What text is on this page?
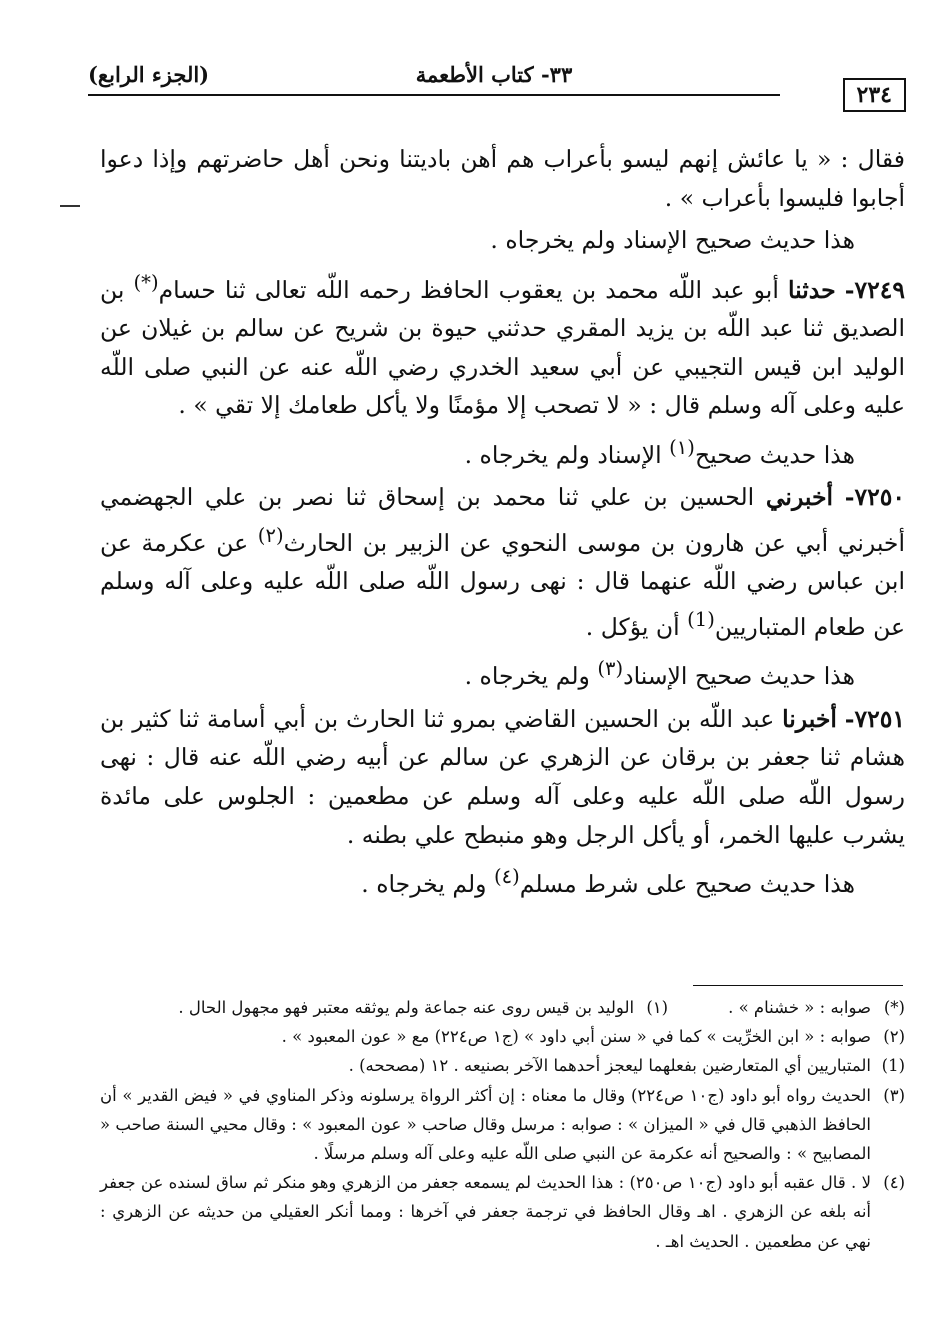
(الجزء الرابع)	٣٣- كتاب الأطعمة
٢٣٤

فقال : « يا عائش إنهم ليسو بأعراب هم أهن باديتنا ونحن أهل حاضرتهم وإذا دعوا أجابوا فليسوا بأعراب » .

هذا حديث صحيح الإسناد ولم يخرجاه .

٧٢٤٩- حدثنا أبو عبد اللّه محمد بن يعقوب الحافظ رحمه اللّه تعالى ثنا حسام(*) بن الصديق ثنا عبد اللّه بن يزيد المقري حدثني حيوة بن شريح عن سالم بن غيلان عن الوليد ابن قيس التجيبي عن أبي سعيد الخدري رضي اللّه عنه عن النبي صلى اللّه عليه وعلى آله وسلم قال : « لا تصحب إلا مؤمنًا ولا يأكل طعامك إلا تقي » .

هذا حديث صحيح$^{(١)}$ الإسناد ولم يخرجاه .

٧٢٥٠- أخبرني الحسين بن علي ثنا محمد بن إسحاق ثنا نصر بن علي الجهضمي أخبرني أبي عن هارون بن موسى النحوي عن الزبير بن الحارث$^{(٢)}$ عن عكرمة عن ابن عباس رضي اللّه عنهما قال : نهى رسول اللّه صلى اللّه عليه وعلى آله وسلم عن طعام المتباريين$^{(1)}$ أن يؤكل .

هذا حديث صحيح الإسناد$^{(٣)}$ ولم يخرجاه .

٧٢٥١- أخبرنا عبد اللّه بن الحسين القاضي بمرو ثنا الحارث بن أبي أسامة ثنا كثير بن هشام ثنا جعفر بن برقان عن الزهري عن سالم عن أبيه رضي اللّه عنه قال : نهى رسول اللّه صلى اللّه عليه وعلى آله وسلم عن مطعمين : الجلوس على مائدة يشرب عليها الخمر، أو يأكل الرجل وهو منبطح علي بطنه .

هذا حديث صحيح على شرط مسلم$^{(٤)}$ ولم يخرجاه .

(*)
صوابه : « خشنام » .
(١)
الوليد بن قيس روى عنه جماعة ولم يوثقه معتبر فهو مجهول الحال .
(٢)
صوابه : « ابن الخرِّيت » كما في « سنن أبي داود » (ج١ ص٢٢٤) مع « عون المعبود » .
(1)
المتباريين أي المتعارضين بفعلهما ليعجز أحدهما الآخر بصنيعه . ١٢ (مصححه) .
(٣)
الحديث رواه أبو داود (ج١٠ ص٢٢٤) وقال ما معناه : إن أكثر الرواة يرسلونه وذكر المناوي في « فيض القدير » أن الحافظ الذهبي قال في « الميزان » : صوابه : مرسل وقال صاحب « عون المعبود » : وقال محيي السنة صاحب « المصابيح » : والصحيح أنه عكرمة عن النبي صلى اللّه عليه وعلى آله وسلم مرسلًا .
(٤)
لا . قال عقبه أبو داود (ج١٠ ص٢٥٠) : هذا الحديث لم يسمعه جعفر من الزهري وهو منكر ثم ساق لسنده عن جعفر أنه بلغه عن الزهري . اهـ وقال الحافظ في ترجمة جعفر في آخرها : ومما أنكر العقيلي من حديثه عن الزهري : نهي عن مطعمين . الحديث اهـ .
